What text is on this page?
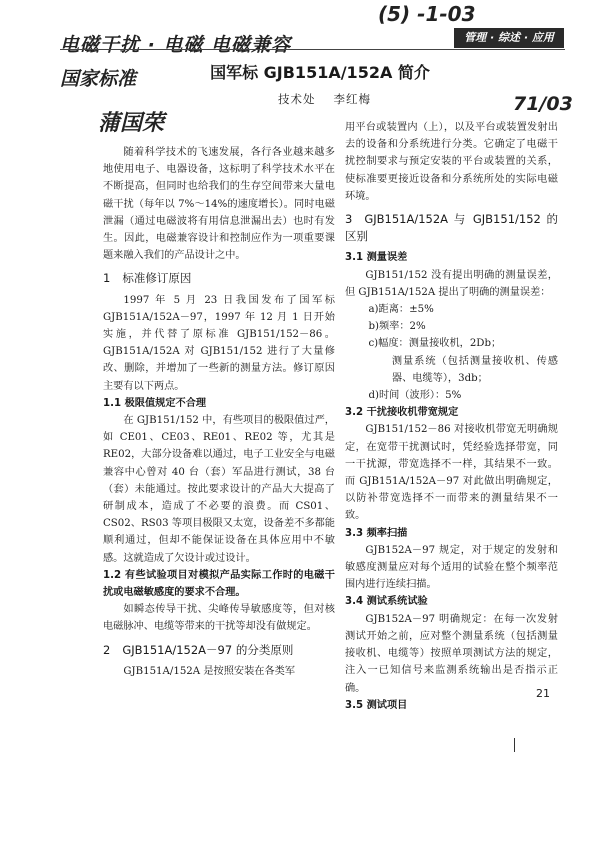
电磁干扰 · 电磁 电磁兼容
(5) -1-03
国家标准
蒲国荣
71/03
管理 · 综述 · 应用
国军标 GJB151A/152A 简介
技术处 李红梅

随着科学技术的飞速发展，各行各业越来越多地使用电子、电器设备，这标明了科学技术水平在不断提高，但同时也给我们的生存空间带来大量电磁干扰（每年以 7%～14%的速度增长）。同时电磁泄漏（通过电磁波将有用信息泄漏出去）也时有发生。因此，电磁兼容设计和控制应作为一项重要课题来融入我们的产品设计之中。

1 标准修订原因

1997 年 5 月 23 日我国发布了国军标 GJB151A/152A－97，1997 年 12 月 1 日开始实施，并代替了原标准 GJB151/152－86。GJB151A/152A 对 GJB151/152 进行了大量修改、删除，并增加了一些新的测量方法。修订原因主要有以下两点。

1.1 极限值规定不合理

在 GJB151/152 中，有些项目的极限值过严，如 CE01、CE03、RE01、RE02 等，尤其是 RE02，大部分设备难以通过，电子工业安全与电磁兼容中心曾对 40 台（套）军品进行测试，38 台（套）未能通过。按此要求设计的产品大大提高了研制成本，造成了不必要的浪费。而 CS01、CS02、RS03 等项目极限又太宽，设备差不多都能顺利通过，但却不能保证设备在具体应用中不敏感。这就造成了欠设计或过设计。

1.2 有些试验项目对模拟产品实际工作时的电磁干扰或电磁敏感度的要求不合理。

如瞬态传导干扰、尖峰传导敏感度等，但对核电磁脉冲、电缆等带来的干扰等却没有做规定。

2 GJB151A/152A－97 的分类原则

GJB151A/152A 是按照安装在各类军

用平台或装置内（上），以及平台或装置发射出去的设备和分系统进行分类。它确定了电磁干扰控制要求与预定安装的平台或装置的关系，使标准要更接近设备和分系统所处的实际电磁环境。

3 GJB151A/152A 与 GJB151/152 的区别

3.1 测量误差

GJB151/152 没有提出明确的测量误差，但 GJB151A/152A 提出了明确的测量误差：

a)距离：±5%

b)频率：2%

c)幅度：测量接收机，2Db；

测量系统（包括测量接收机、传感器、电缆等），3db；

d)时间（波形）：5%

3.2 干扰接收机带宽规定

GJB151/152－86 对接收机带宽无明确规定，在宽带干扰测试时，凭经验选择带宽，同一干扰源，带宽选择不一样，其结果不一致。而 GJB151A/152A－97 对此做出明确规定，以防补带宽选择不一而带来的测量结果不一致。

3.3 频率扫描

GJB152A－97 规定，对于规定的发射和敏感度测量应对每个适用的试验在整个频率范围内进行连续扫描。

3.4 测试系统试验

GJB152A－97 明确规定：在每一次发射测试开始之前，应对整个测量系统（包括测量接收机、电缆等）按照单项测试方法的规定，注入一已知信号来监测系统输出是否指示正确。

3.5 测试项目

21
